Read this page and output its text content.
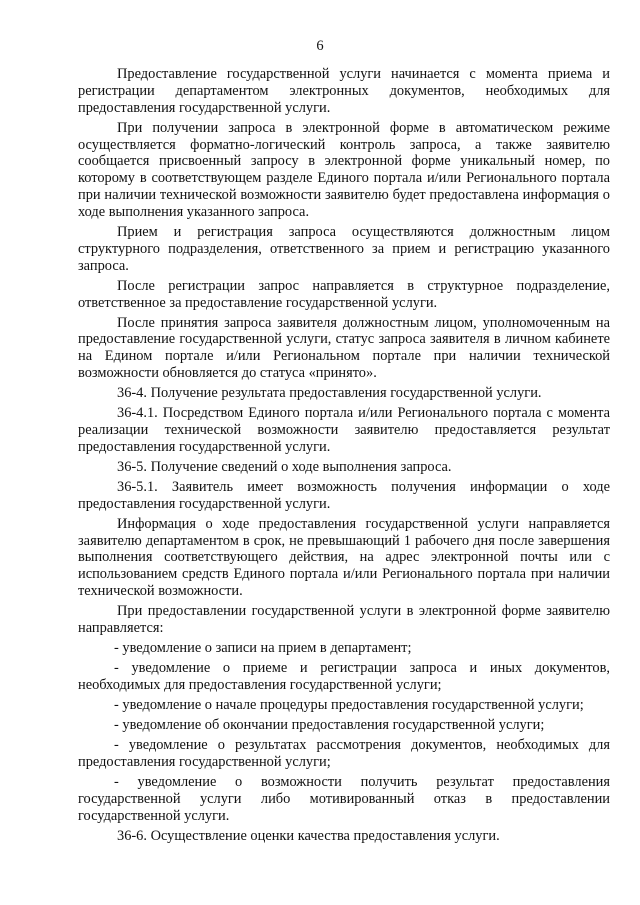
6

Предоставление государственной услуги начинается с момента приема и регистрации департаментом электронных документов, необходимых для предоставления государственной услуги.

При получении запроса в электронной форме в автоматическом режиме осуществляется форматно-логический контроль запроса, а также заявителю сообщается присвоенный запросу в электронной форме уникальный номер, по которому в соответствующем разделе Единого портала и/или Регионального портала при наличии технической возможности заявителю будет предоставлена информация о ходе выполнения указанного запроса.

Прием и регистрация запроса осуществляются должностным лицом структурного подразделения, ответственного за прием и регистрацию указанного запроса.

После регистрации запрос направляется в структурное подразделение, ответственное за предоставление государственной услуги.

После принятия запроса заявителя должностным лицом, уполномоченным на предоставление государственной услуги, статус запроса заявителя в личном кабинете на Едином портале и/или Региональном портале при наличии технической возможности обновляется до статуса «принято».

36-4. Получение результата предоставления государственной услуги.

36-4.1. Посредством Единого портала и/или Регионального портала с момента реализации технической возможности заявителю предоставляется результат предоставления государственной услуги.

36-5. Получение сведений о ходе выполнения запроса.

36-5.1. Заявитель имеет возможность получения информации о ходе предоставления государственной услуги.

Информация о ходе предоставления государственной услуги направляется заявителю департаментом в срок, не превышающий 1 рабочего дня после завершения выполнения соответствующего действия, на адрес электронной почты или с использованием средств Единого портала и/или Регионального портала при наличии технической возможности.

При предоставлении государственной услуги в электронной форме заявителю направляется:

- уведомление о записи на прием в департамент;

- уведомление о приеме и регистрации запроса и иных документов, необходимых для предоставления государственной услуги;

- уведомление о начале процедуры предоставления государственной услуги;

- уведомление об окончании предоставления государственной услуги;

- уведомление о результатах рассмотрения документов, необходимых для предоставления государственной услуги;

- уведомление о возможности получить результат предоставления государственной услуги либо мотивированный отказ в предоставлении государственной услуги.

36-6. Осуществление оценки качества предоставления услуги.
